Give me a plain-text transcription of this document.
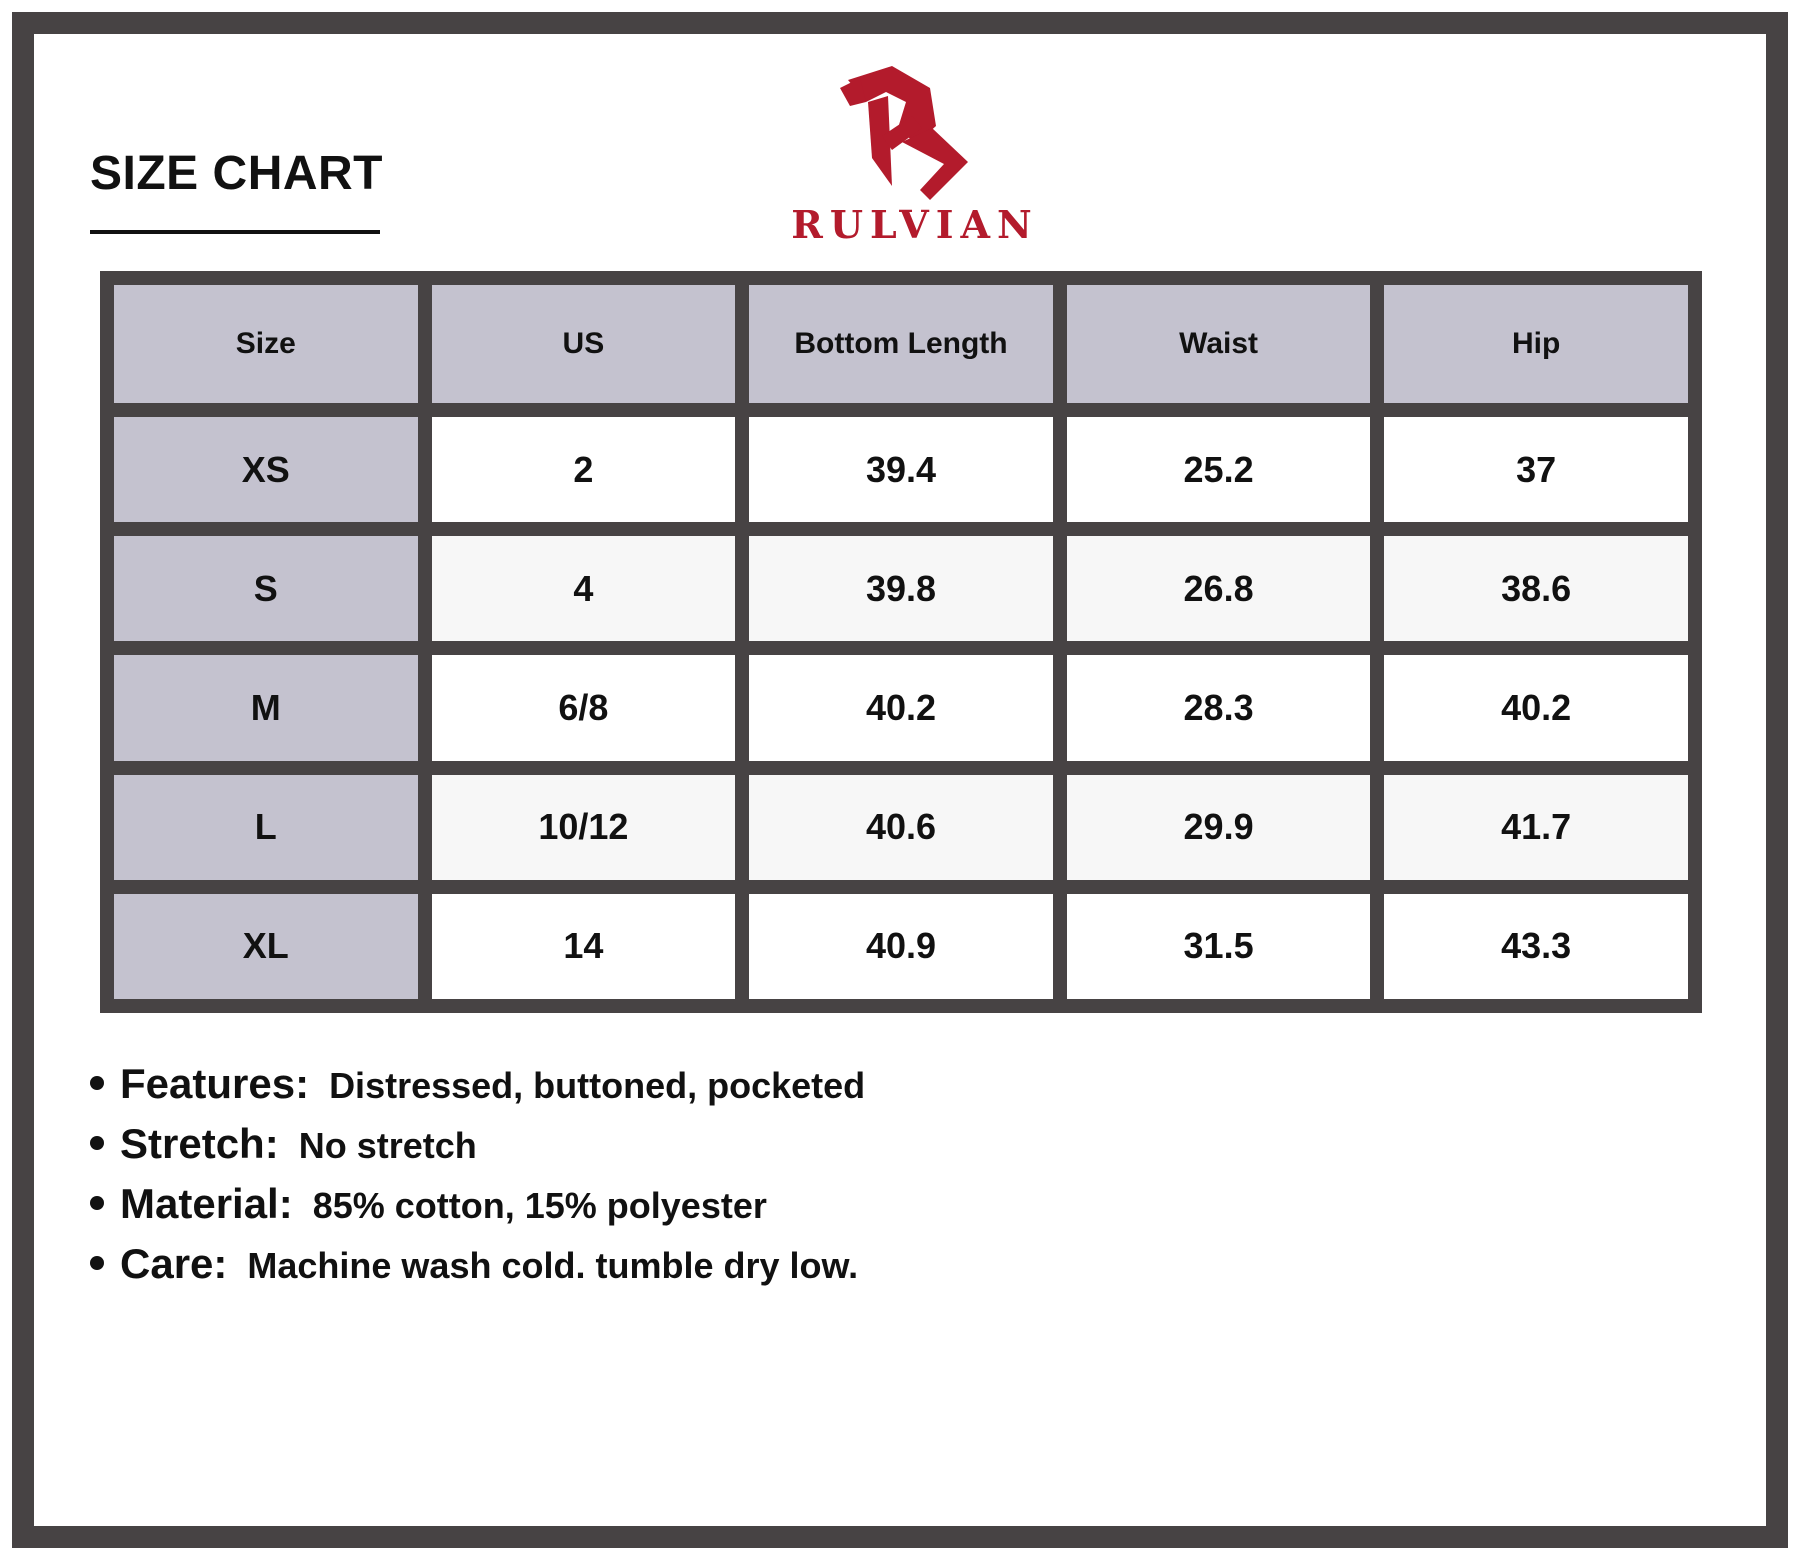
SIZE CHART
RULVIAN
Size	US	Bottom Length	Waist	Hip
XS	2	39.4	25.2	37
S	4	39.8	26.8	38.6
M	6/8	40.2	28.3	40.2
L	10/12	40.6	29.9	41.7
XL	14	40.9	31.5	43.3
Features: Distressed, buttoned, pocketed
Stretch: No stretch
Material: 85% cotton, 15% polyester
Care: Machine wash cold. tumble dry low.
